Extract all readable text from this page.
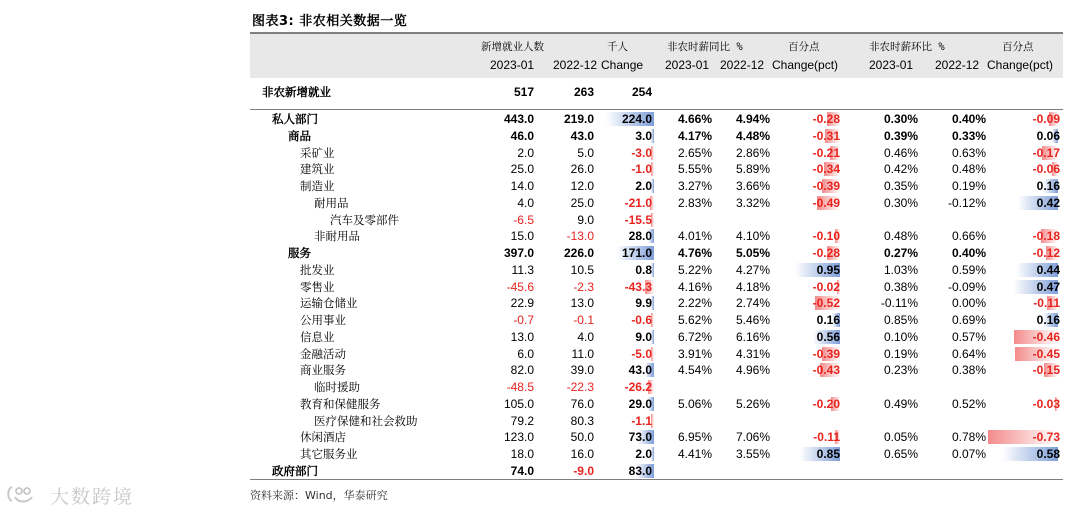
图表3: 非农相关数据一览
新增就业人数	千人	非农时薪同比 %	百分点	非农时薪环比 %	百分点
2023-01 2022-12 Change 2023-01 2022-12 Change(pct)	2023-01 2022-12 Change(pct)
非农新增就业	517	263	254
私人部门	443.0	219.0	224.0	4.66%	4.94%	-0.28	0.30%	0.40%	-0.09
商品	46.0	43.0	3.0	4.17%	4.48%	-0.31	0.39%	0.33%	0.06
采矿业	2.0	5.0	-3.0	2.65%	2.86%	-0.21	0.46%	0.63%	-0.17
建筑业	25.0	26.0	-1.0	5.55%	5.89%	-0.34	0.42%	0.48%	-0.06
制造业	14.0	12.0	2.0	3.27%	3.66%	-0.39	0.35%	0.19%	0.16
耐用品	4.0	25.0	-21.0	2.83%	3.32%	-0.49	0.30%	-0.12%	0.42
汽车及零部件	-6.5	9.0	-15.5
非耐用品	15.0	-13.0	28.0	4.01%	4.10%	-0.10	0.48%	0.66%	-0.18
服务	397.0	226.0	171.0	4.76%	5.05%	-0.28	0.27%	0.40%	-0.12
批发业	11.3	10.5	0.8	5.22%	4.27%	0.95	1.03%	0.59%	0.44
零售业	-45.6	-2.3	-43.3	4.16%	4.18%	-0.02	0.38%	-0.09%	0.47
运输仓储业	22.9	13.0	9.9	2.22%	2.74%	-0.52	-0.11%	0.00%	-0.11
公用事业	-0.7	-0.1	-0.6	5.62%	5.46%	0.16	0.85%	0.69%	0.16
信息业	13.0	4.0	9.0	6.72%	6.16%	0.56	0.10%	0.57%	-0.46
金融活动	6.0	11.0	-5.0	3.91%	4.31%	-0.39	0.19%	0.64%	-0.45
商业服务	82.0	39.0	43.0	4.54%	4.96%	-0.43	0.23%	0.38%	-0.15
临时援助	-48.5	-22.3	-26.2
教育和保健服务	105.0	76.0	29.0	5.06%	5.26%	-0.20	0.49%	0.52%	-0.03
医疗保健和社会救助	79.2	80.3	-1.1
休闲酒店	123.0	50.0	73.0	6.95%	7.06%	-0.11	0.05%	0.78%	-0.73
其它服务业	18.0	16.0	2.0	4.41%	3.55%	0.85	0.65%	0.07%	0.58
政府部门	74.0	-9.0	83.0
资料来源：Wind，华泰研究
大数跨境
